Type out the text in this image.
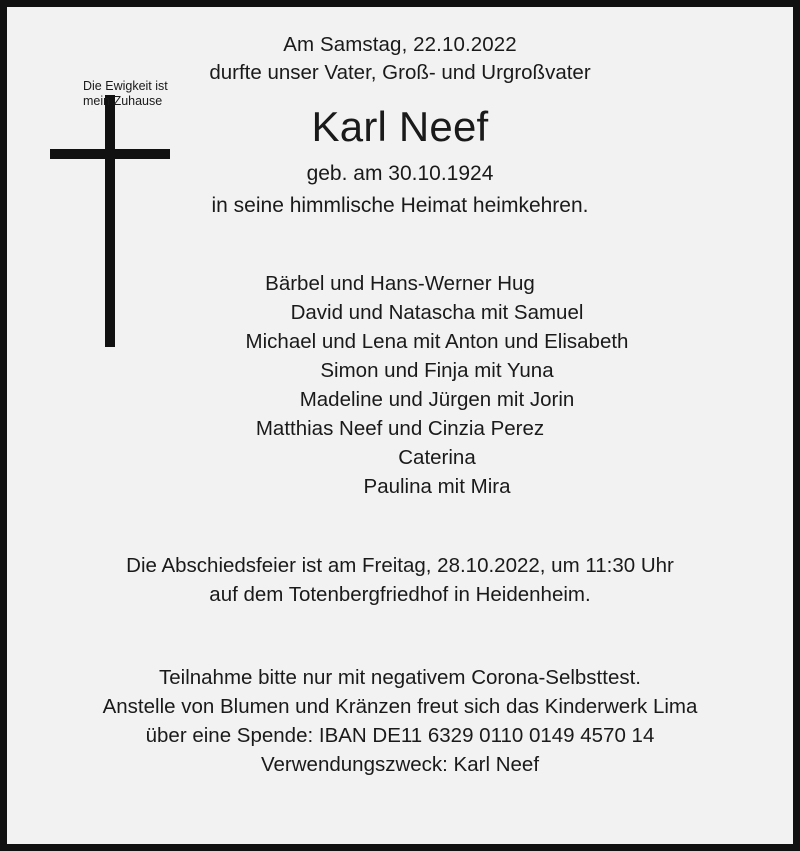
Die Ewigkeit ist mein Zuhause
Am Samstag, 22.10.2022
durfte unser Vater, Groß- und Urgroßvater
Karl Neef
geb. am 30.10.1924
in seine himmlische Heimat heimkehren.
Bärbel und Hans-Werner Hug
David und Natascha mit Samuel
Michael und Lena mit Anton und Elisabeth
Simon und Finja mit Yuna
Madeline und Jürgen mit Jorin
Matthias Neef und Cinzia Perez
Caterina
Paulina mit Mira
Die Abschiedsfeier ist am Freitag, 28.10.2022, um 11:30 Uhr
auf dem Totenbergfriedhof in Heidenheim.
Teilnahme bitte nur mit negativem Corona-Selbsttest.
Anstelle von Blumen und Kränzen freut sich das Kinderwerk Lima
über eine Spende: IBAN DE11 6329 0110 0149 4570 14
Verwendungszweck: Karl Neef
